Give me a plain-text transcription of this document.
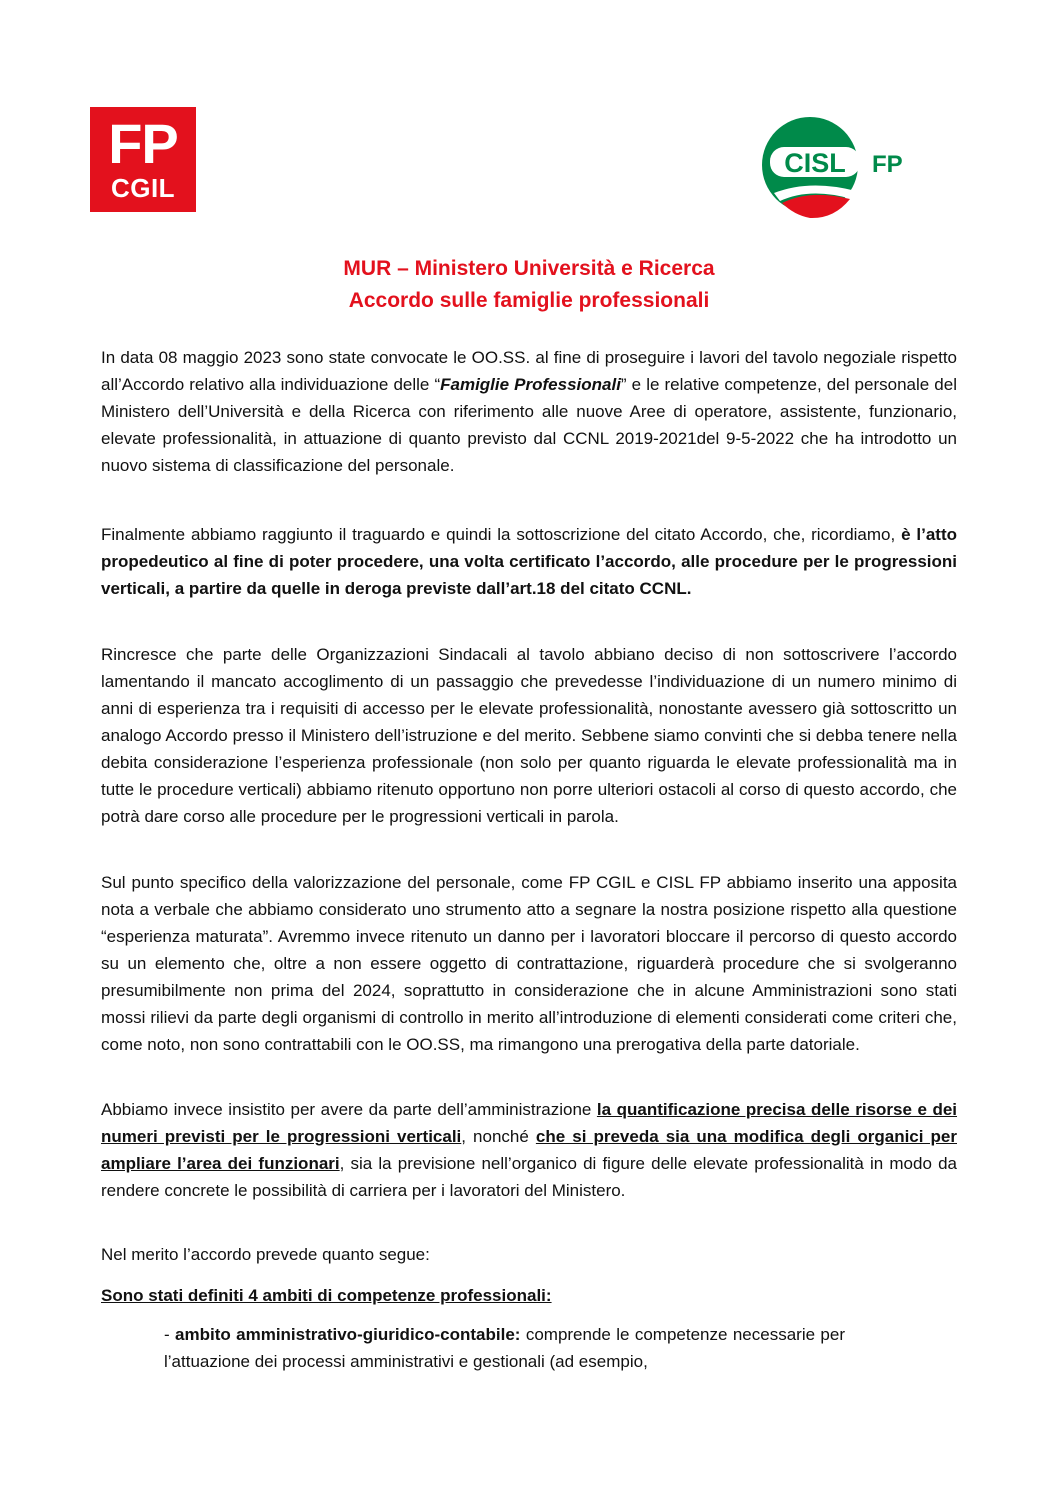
FP
CGIL
CISL FP
MUR – Ministero Università e Ricerca
Accordo sulle famiglie professionali

In data 08 maggio 2023 sono state convocate le OO.SS. al fine di proseguire i lavori del tavolo negoziale rispetto all’Accordo relativo alla individuazione delle “Famiglie Professionali” e le relative competenze, del personale del Ministero dell’Università e della Ricerca con riferimento alle nuove Aree di operatore, assistente, funzionario, elevate professionalità, in attuazione di quanto previsto dal CCNL 2019-2021del 9-5-2022 che ha introdotto un nuovo sistema di classificazione del personale.

Finalmente abbiamo raggiunto il traguardo e quindi la sottoscrizione del citato Accordo, che, ricordiamo, è l’atto propedeutico al fine di poter procedere, una volta certificato l’accordo, alle procedure per le progressioni verticali, a partire da quelle in deroga previste dall’art.18 del citato CCNL.

Rincresce che parte delle Organizzazioni Sindacali al tavolo abbiano deciso di non sottoscrivere l’accordo lamentando il mancato accoglimento di un passaggio che prevedesse l’individuazione di un numero minimo di anni di esperienza tra i requisiti di accesso per le elevate professionalità, nonostante avessero già sottoscritto un analogo Accordo presso il Ministero dell’istruzione e del merito. Sebbene siamo convinti che si debba tenere nella debita considerazione l’esperienza professionale (non solo per quanto riguarda le elevate professionalità ma in tutte le procedure verticali) abbiamo ritenuto opportuno non porre ulteriori ostacoli al corso di questo accordo, che potrà dare corso alle procedure per le progressioni verticali in parola.

Sul punto specifico della valorizzazione del personale, come FP CGIL e CISL FP abbiamo inserito una apposita nota a verbale che abbiamo considerato uno strumento atto a segnare la nostra posizione rispetto alla questione “esperienza maturata”. Avremmo invece ritenuto un danno per i lavoratori bloccare il percorso di questo accordo su un elemento che, oltre a non essere oggetto di contrattazione, riguarderà procedure che si svolgeranno presumibilmente non prima del 2024, soprattutto in considerazione che in alcune Amministrazioni sono stati mossi rilievi da parte degli organismi di controllo in merito all’introduzione di elementi considerati come criteri che, come noto, non sono contrattabili con le OO.SS, ma rimangono una prerogativa della parte datoriale.

Abbiamo invece insistito per avere da parte dell’amministrazione la quantificazione precisa delle risorse e dei numeri previsti per le progressioni verticali, nonché che si preveda sia una modifica degli organici per ampliare l’area dei funzionari, sia la previsione nell’organico di figure delle elevate professionalità in modo da rendere concrete le possibilità di carriera per i lavoratori del Ministero.

Nel merito l’accordo prevede quanto segue:

Sono stati definiti 4 ambiti di competenze professionali:

- ambito amministrativo-giuridico-contabile: comprende le competenze necessarie per l’attuazione dei processi amministrativi e gestionali (ad esempio,
